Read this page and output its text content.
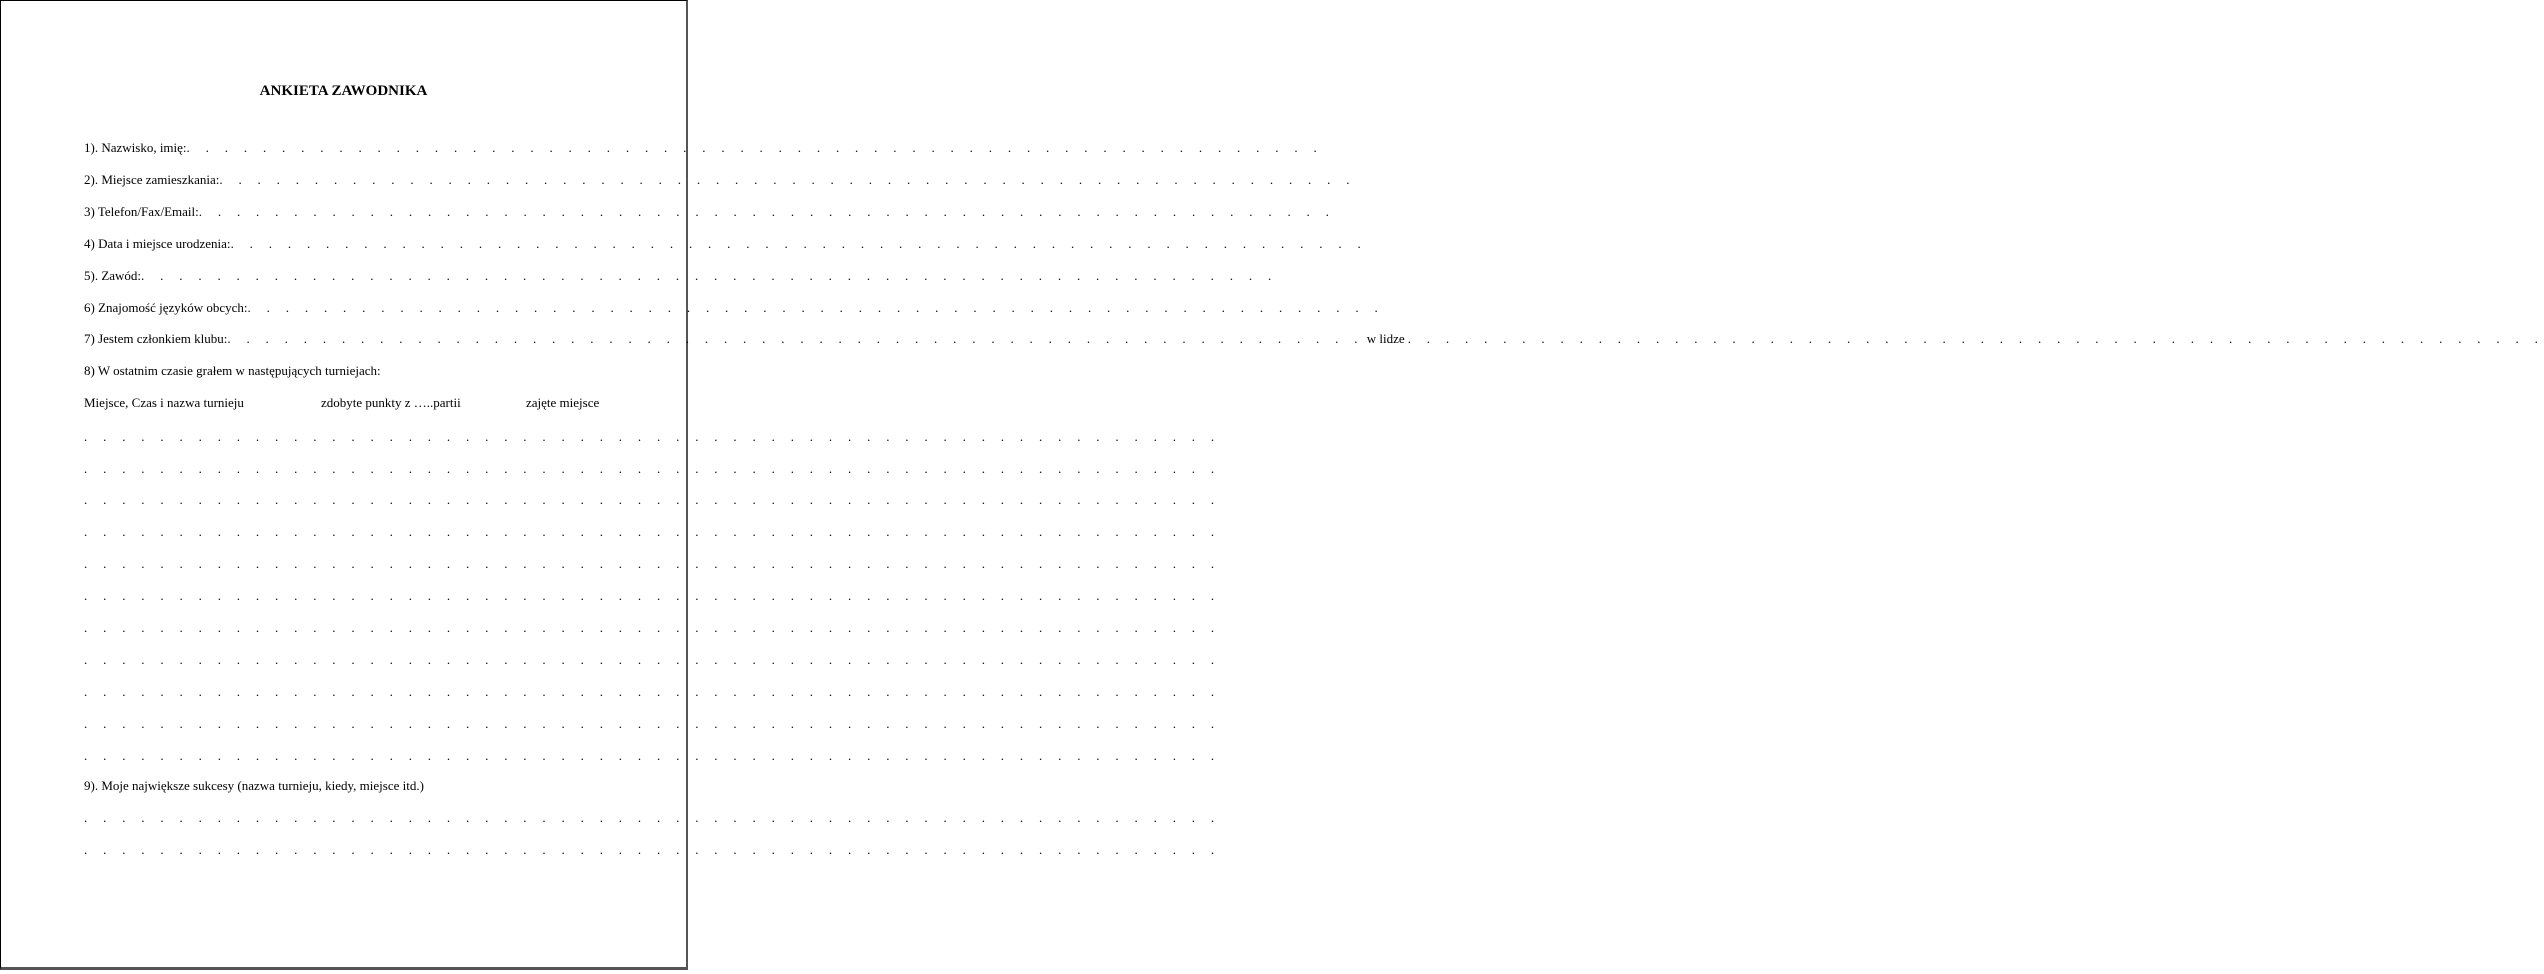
ANKIETA ZAWODNIKA
1). Nazwisko, imię: . . . . . . . . . . . . . . . . . . . . . . . . . . . . . . . . . . . . . . . . . . . . . . . . . . . . . . . . . . . .
2). Miejsce zamieszkania: . . . . . . . . . . . . . . . . . . . . . . . . . . . . . . . . . . . . . . . . . . . . . . . . . . . . . . . . . . . .
3) Telefon/Fax/Email: . . . . . . . . . . . . . . . . . . . . . . . . . . . . . . . . . . . . . . . . . . . . . . . . . . . . . . . . . . . .
4) Data i miejsce urodzenia: . . . . . . . . . . . . . . . . . . . . . . . . . . . . . . . . . . . . . . . . . . . . . . . . . . . . . . . . . . . .
5). Zawód: . . . . . . . . . . . . . . . . . . . . . . . . . . . . . . . . . . . . . . . . . . . . . . . . . . . . . . . . . . . .
6) Znajomość języków obcych: . . . . . . . . . . . . . . . . . . . . . . . . . . . . . . . . . . . . . . . . . . . . . . . . . . . . . . . . . . . .
7) Jestem członkiem klubu: . . . . . . . . . . . . . . . . . . . . . . . . . . . . . . . . . . . . . . . . . . . . . . . . . . . . . . . . . . . . w lidze . . . . . . . . . . . . . . . . . . . . . . . . . . . . . . . . . . . . . . . . . . . . . . . . . . . . . . . . . . . .
8) W ostatnim czasie grałem w następujących turniejach:
Miejsce, Czas i nazwa turnieju	zdobyte punkty z …..partii	zajęte miejsce
. . . . . . . . . . . . . . . . . . . . . . . . . . . . . . . . . . . . . . . . . . . . . . . . . . . . . . . . . . . .
. . . . . . . . . . . . . . . . . . . . . . . . . . . . . . . . . . . . . . . . . . . . . . . . . . . . . . . . . . . .
. . . . . . . . . . . . . . . . . . . . . . . . . . . . . . . . . . . . . . . . . . . . . . . . . . . . . . . . . . . .
. . . . . . . . . . . . . . . . . . . . . . . . . . . . . . . . . . . . . . . . . . . . . . . . . . . . . . . . . . . .
. . . . . . . . . . . . . . . . . . . . . . . . . . . . . . . . . . . . . . . . . . . . . . . . . . . . . . . . . . . .
. . . . . . . . . . . . . . . . . . . . . . . . . . . . . . . . . . . . . . . . . . . . . . . . . . . . . . . . . . . .
. . . . . . . . . . . . . . . . . . . . . . . . . . . . . . . . . . . . . . . . . . . . . . . . . . . . . . . . . . . .
. . . . . . . . . . . . . . . . . . . . . . . . . . . . . . . . . . . . . . . . . . . . . . . . . . . . . . . . . . . .
. . . . . . . . . . . . . . . . . . . . . . . . . . . . . . . . . . . . . . . . . . . . . . . . . . . . . . . . . . . .
. . . . . . . . . . . . . . . . . . . . . . . . . . . . . . . . . . . . . . . . . . . . . . . . . . . . . . . . . . . .
. . . . . . . . . . . . . . . . . . . . . . . . . . . . . . . . . . . . . . . . . . . . . . . . . . . . . . . . . . . .
9). Moje największe sukcesy (nazwa turnieju, kiedy, miejsce itd.)
. . . . . . . . . . . . . . . . . . . . . . . . . . . . . . . . . . . . . . . . . . . . . . . . . . . . . . . . . . . .
. . . . . . . . . . . . . . . . . . . . . . . . . . . . . . . . . . . . . . . . . . . . . . . . . . . . . . . . . . . .
